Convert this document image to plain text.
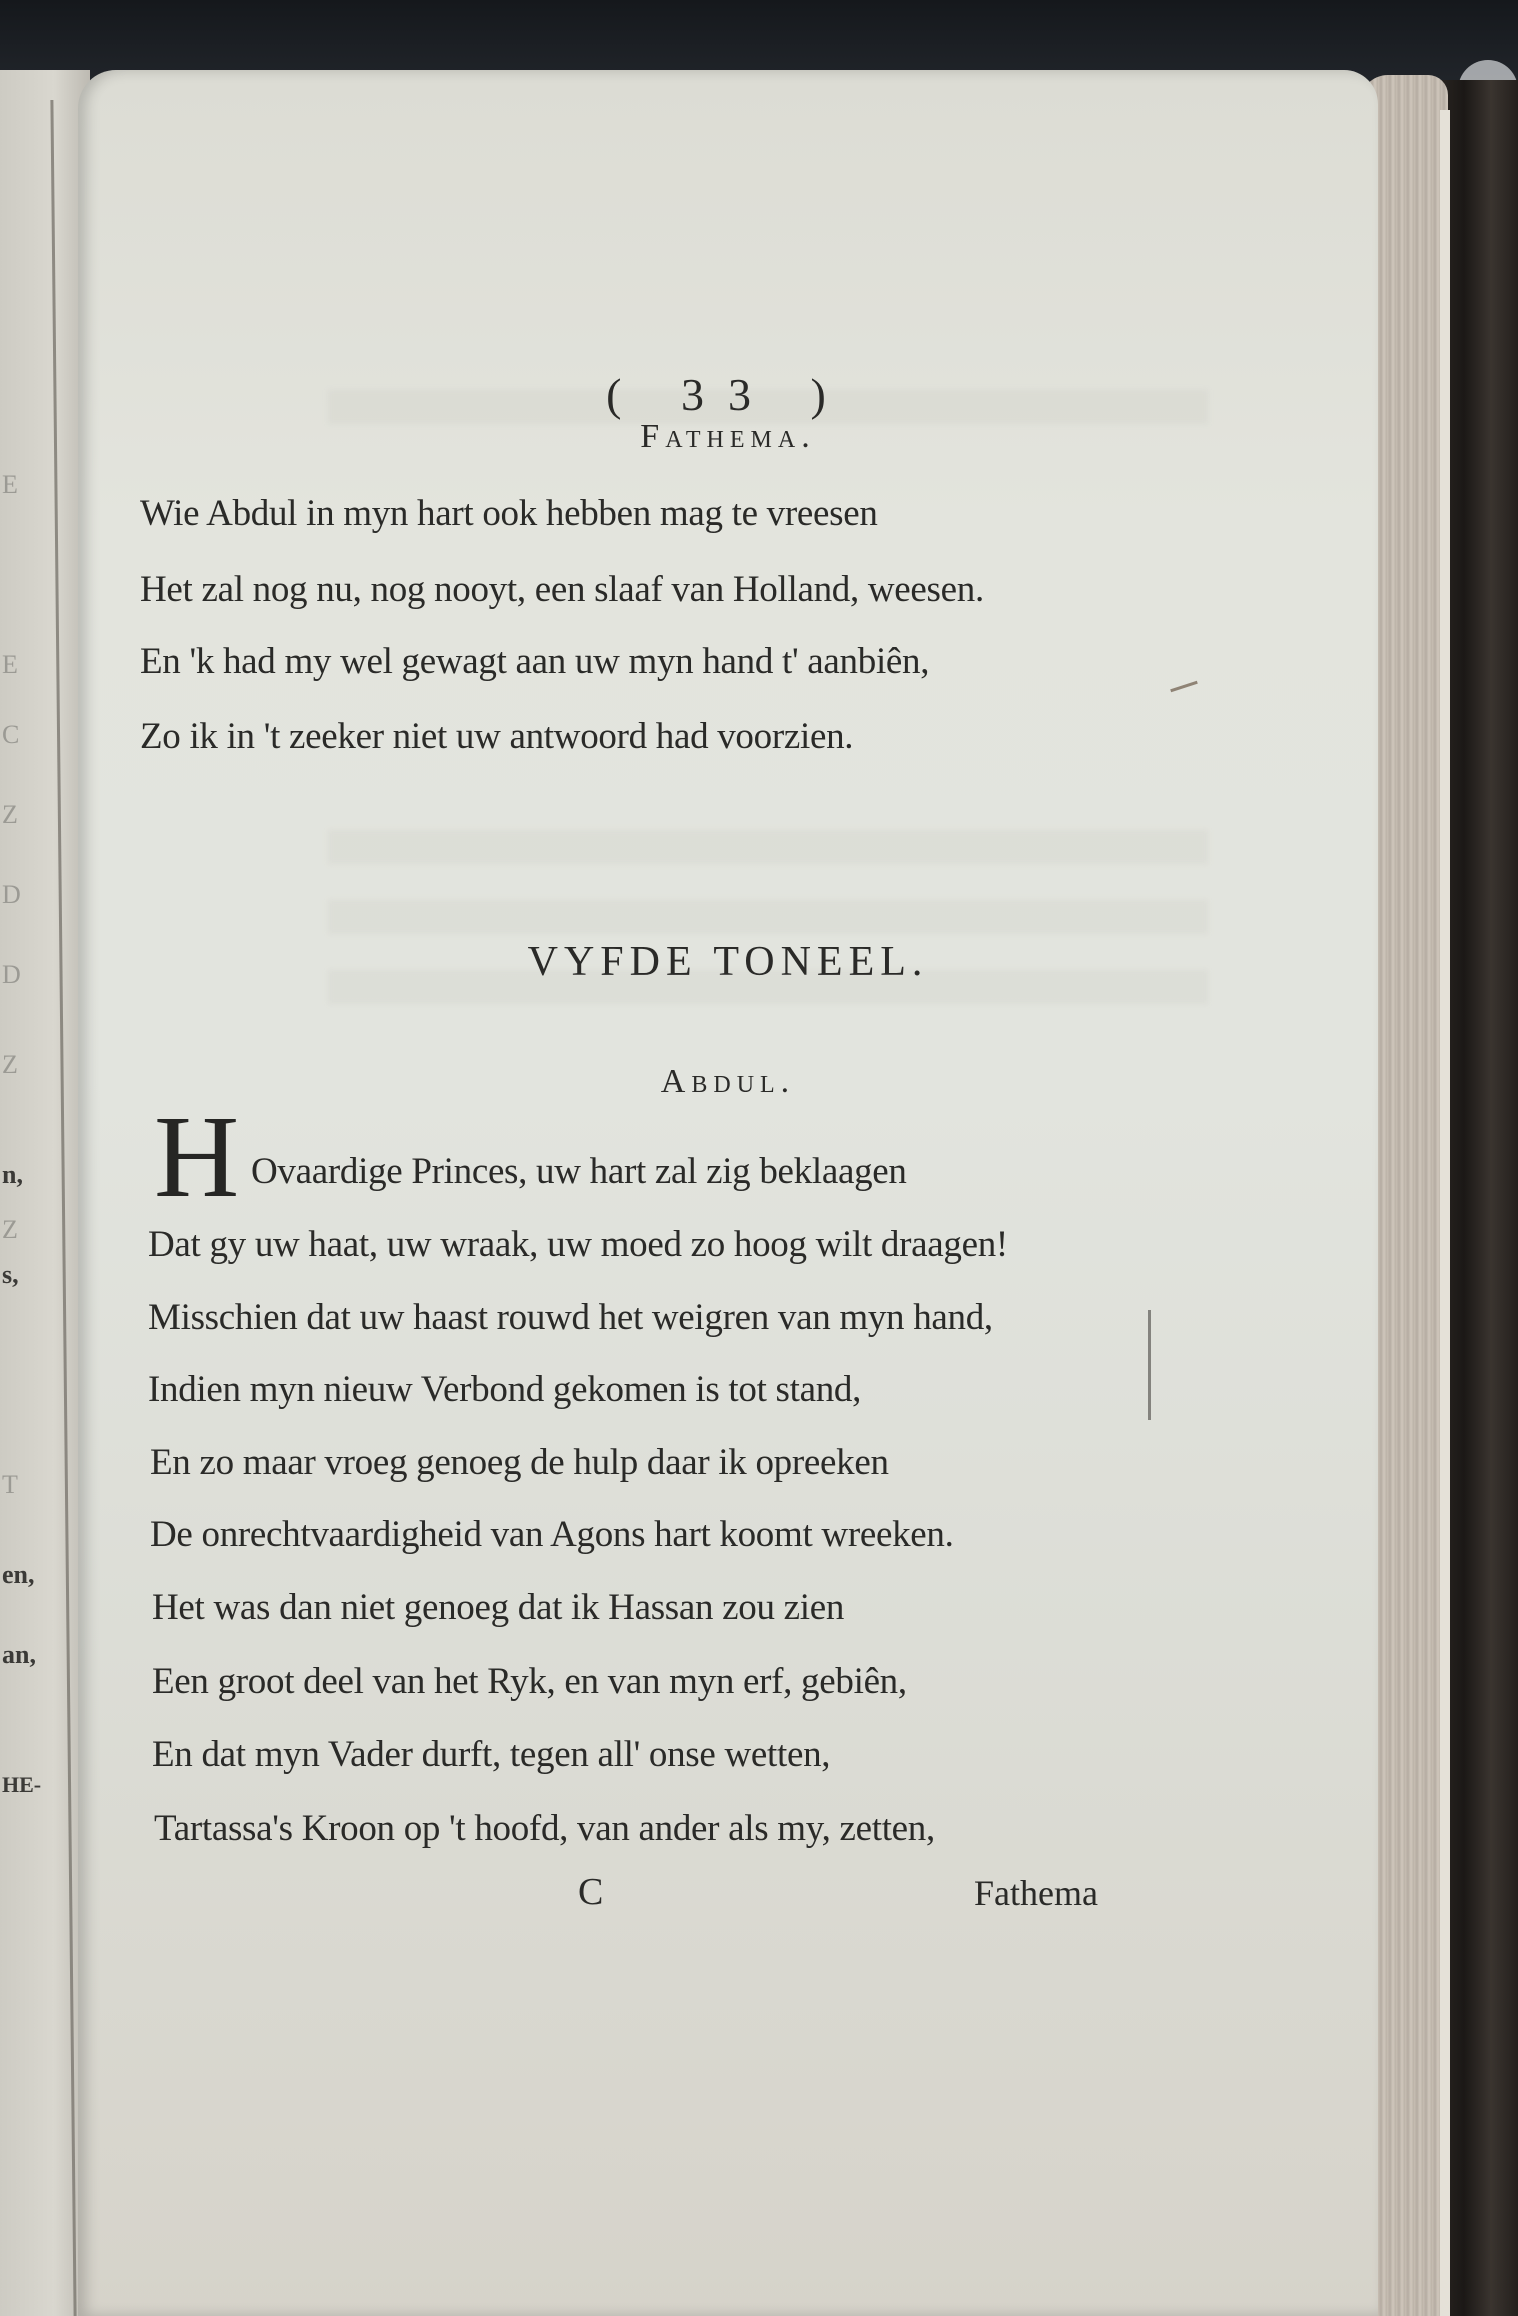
n,
s,
en,
an,
HE-
E
E
C
Z
D
D
Z
Z
T
( 33 )
Fathema.
Wie Abdul in myn hart ook hebben mag te vreesen
Het zal nog nu, nog nooyt, een slaaf van Holland, weesen.
En 'k had my wel gewagt aan uw myn hand t' aanbiên,
Zo ik in 't zeeker niet uw antwoord had voorzien.
VYFDE TONEEL.
Abdul.
H Ovaardige Princes, uw hart zal zig beklaagen
Dat gy uw haat, uw wraak, uw moed zo hoog wilt draagen!
Misschien dat uw haast rouwd het weigren van myn hand,
Indien myn nieuw Verbond gekomen is tot stand,
En zo maar vroeg genoeg de hulp daar ik opreeken
De onrechtvaardigheid van Agons hart koomt wreeken.
Het was dan niet genoeg dat ik Hassan zou zien
Een groot deel van het Ryk, en van myn erf, gebiên,
En dat myn Vader durft, tegen all' onse wetten,
Tartassa's Kroon op 't hoofd, van ander als my, zetten,
C	Fathema
